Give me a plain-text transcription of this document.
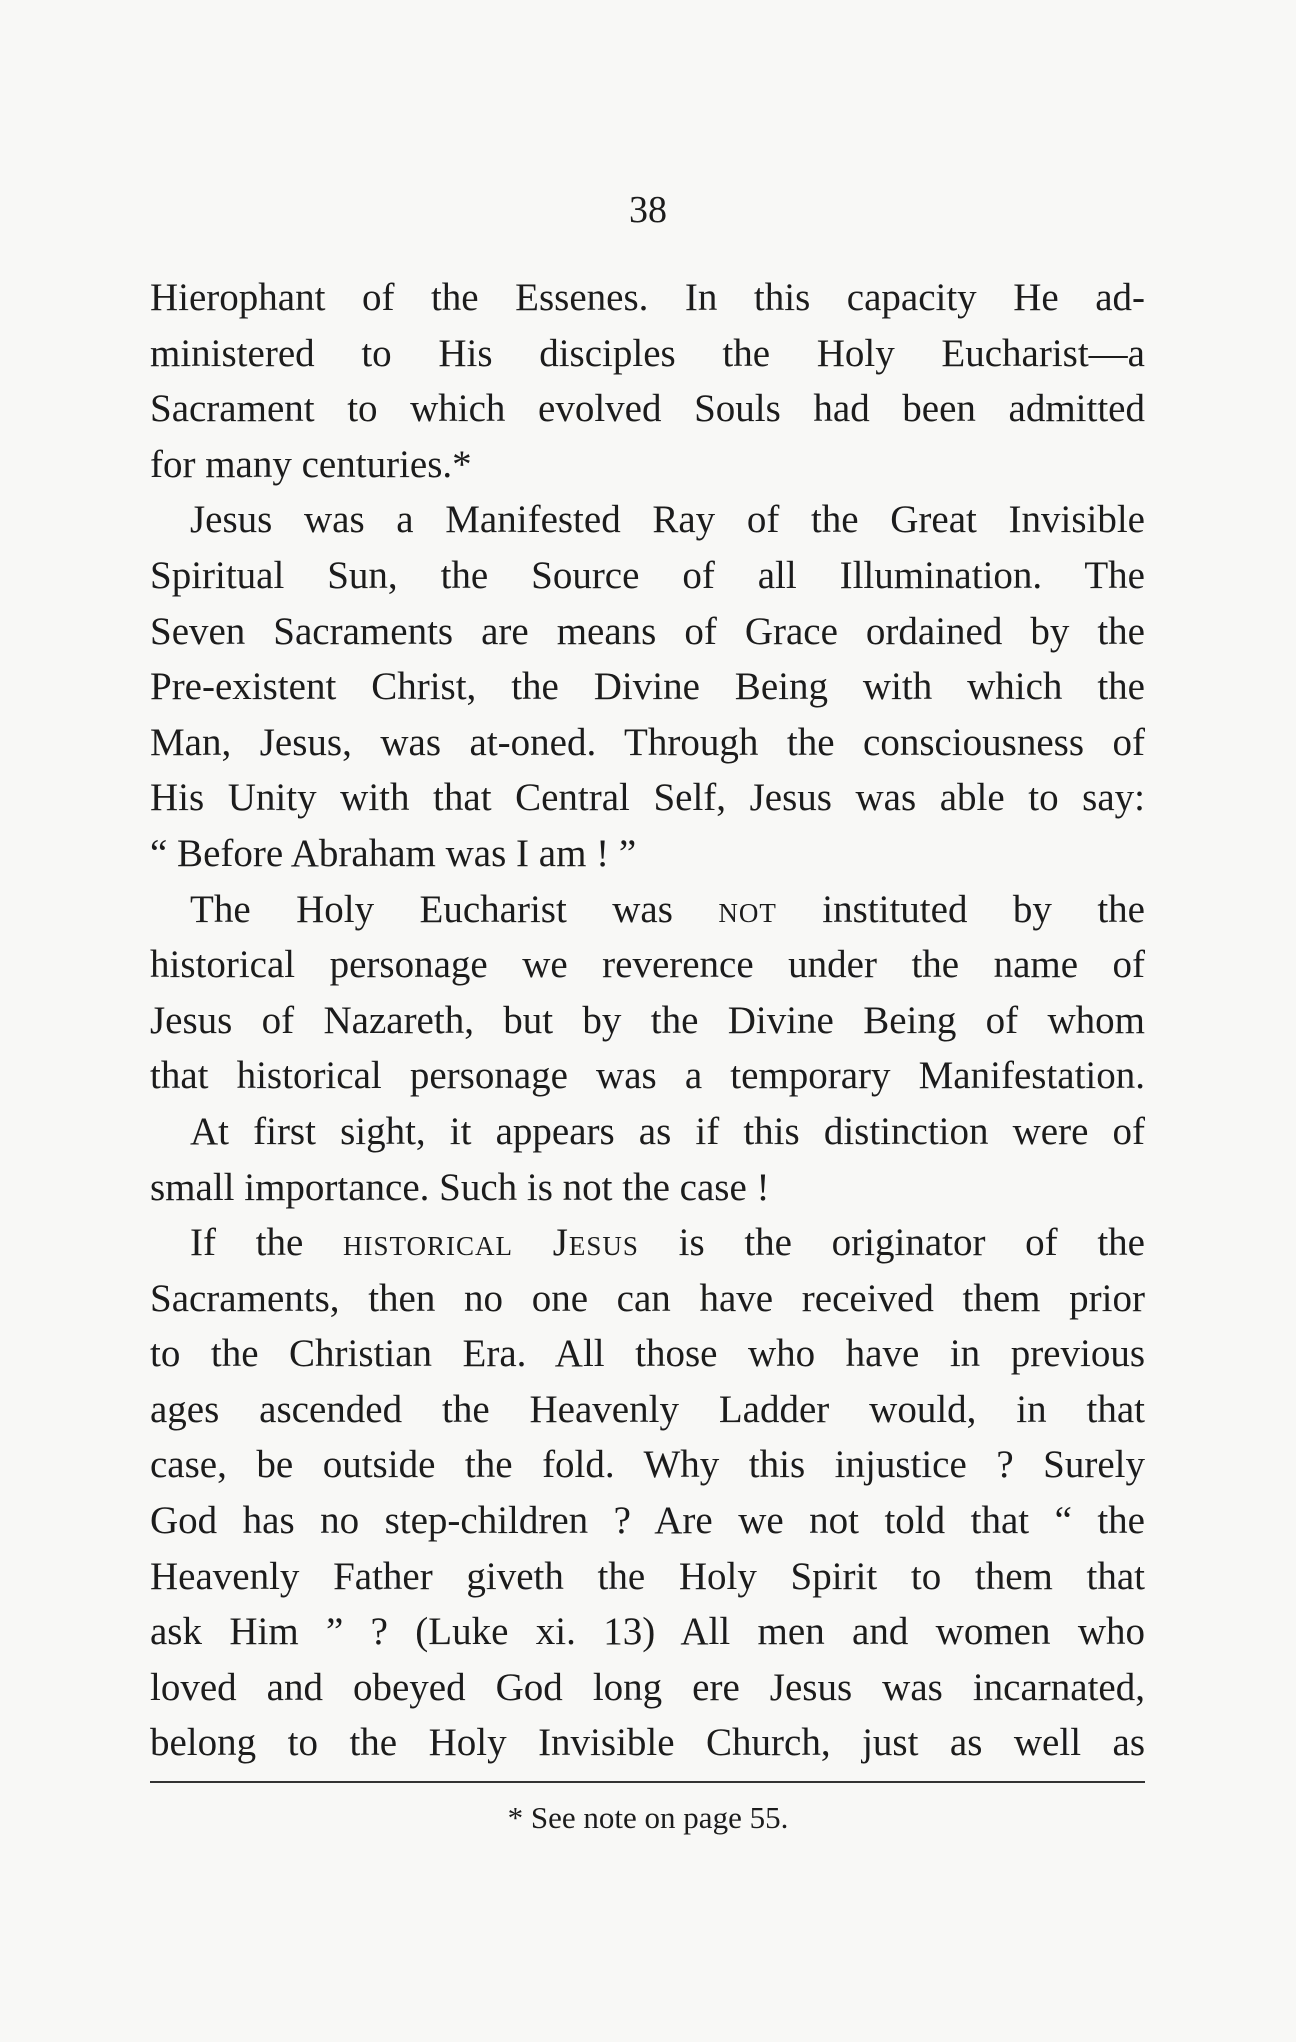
38
Hierophant of the Essenes. In this capacity He ad-
ministered to His disciples the Holy Eucharist—a
Sacrament to which evolved Souls had been admitted
for many centuries.*
Jesus was a Manifested Ray of the Great Invisible
Spiritual Sun, the Source of all Illumination. The
Seven Sacraments are means of Grace ordained by the
Pre-existent Christ, the Divine Being with which the
Man, Jesus, was at-oned. Through the consciousness of
His Unity with that Central Self, Jesus was able to say:
“ Before Abraham was I am ! ”
The Holy Eucharist was not instituted by the
historical personage we reverence under the name of
Jesus of Nazareth, but by the Divine Being of whom
that historical personage was a temporary Manifestation.
At first sight, it appears as if this distinction were of
small importance. Such is not the case !
If the historical Jesus is the originator of the
Sacraments, then no one can have received them prior
to the Christian Era. All those who have in previous
ages ascended the Heavenly Ladder would, in that
case, be outside the fold. Why this injustice ? Surely
God has no step-children ? Are we not told that “ the
Heavenly Father giveth the Holy Spirit to them that
ask Him ” ? (Luke xi. 13) All men and women who
loved and obeyed God long ere Jesus was incarnated,
belong to the Holy Invisible Church, just as well as
* See note on page 55.
